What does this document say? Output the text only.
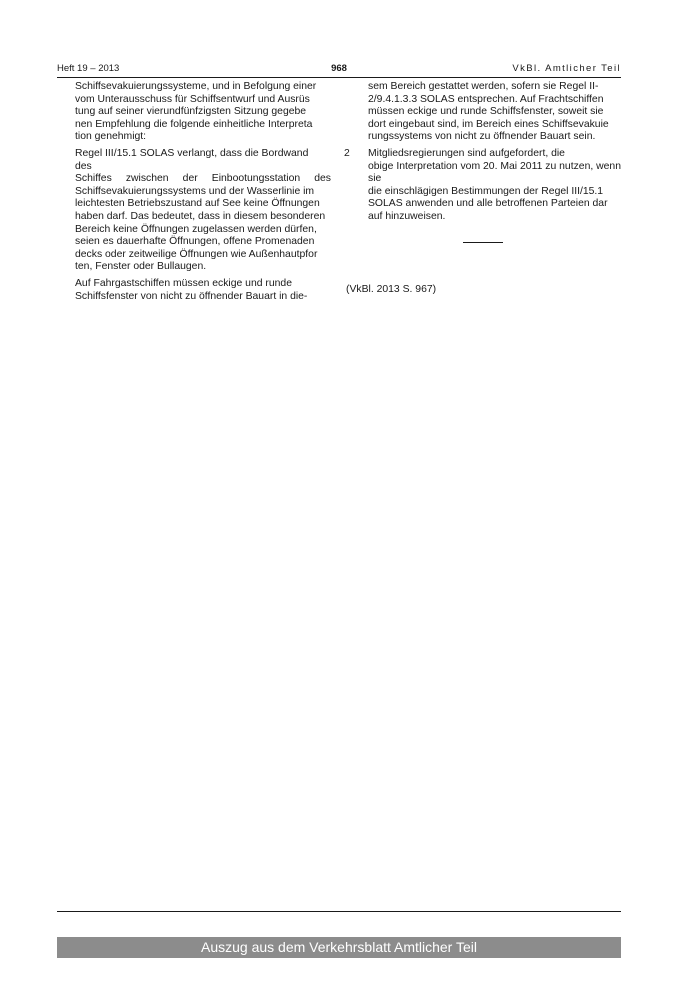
Heft 19 – 2013	968	VkBl. Amtlicher Teil

Schiffsevakuierungssysteme, und in Befolgung einer
vom Unterausschuss für Schiffsentwurf und Ausrüs
tung auf seiner vierundfünfzigsten Sitzung gegebe
nen Empfehlung die folgende einheitliche Interpreta
tion genehmigt:

Regel III/15.1 SOLAS verlangt, dass die Bordwand
des
Schiffes zwischen der Einbootungsstation des Schiffsevakuierungssystems und der Wasserlinie im
leichtesten Betriebszustand auf See keine Öffnungen
haben darf. Das bedeutet, dass in diesem besonderen
Bereich keine Öffnungen zugelassen werden dürfen,
seien es dauerhafte Öffnungen, offene Promenaden
decks oder zeitweilige Öffnungen wie Außenhautpfor
ten, Fenster oder Bullaugen.

Auf Fahrgastschiffen müssen eckige und runde
Schiffsfenster von nicht zu öffnender Bauart in die-

sem Bereich gestattet werden, sofern sie Regel II-
2/9.4.1.3.3 SOLAS entsprechen. Auf Frachtschiffen
müssen eckige und runde Schiffsfenster, soweit sie
dort eingebaut sind, im Bereich eines Schiffsevakuie
rungssystems von nicht zu öffnender Bauart sein.

2 Mitgliedsregierungen sind aufgefordert, die
obige Interpretation vom 20. Mai 2011 zu nutzen, wenn sie
die einschlägigen Bestimmungen der Regel III/15.1
SOLAS anwenden und alle betroffenen Parteien dar
auf hinzuweisen.

(VkBl. 2013 S. 967)
Auszug aus dem Verkehrsblatt Amtlicher Teil
